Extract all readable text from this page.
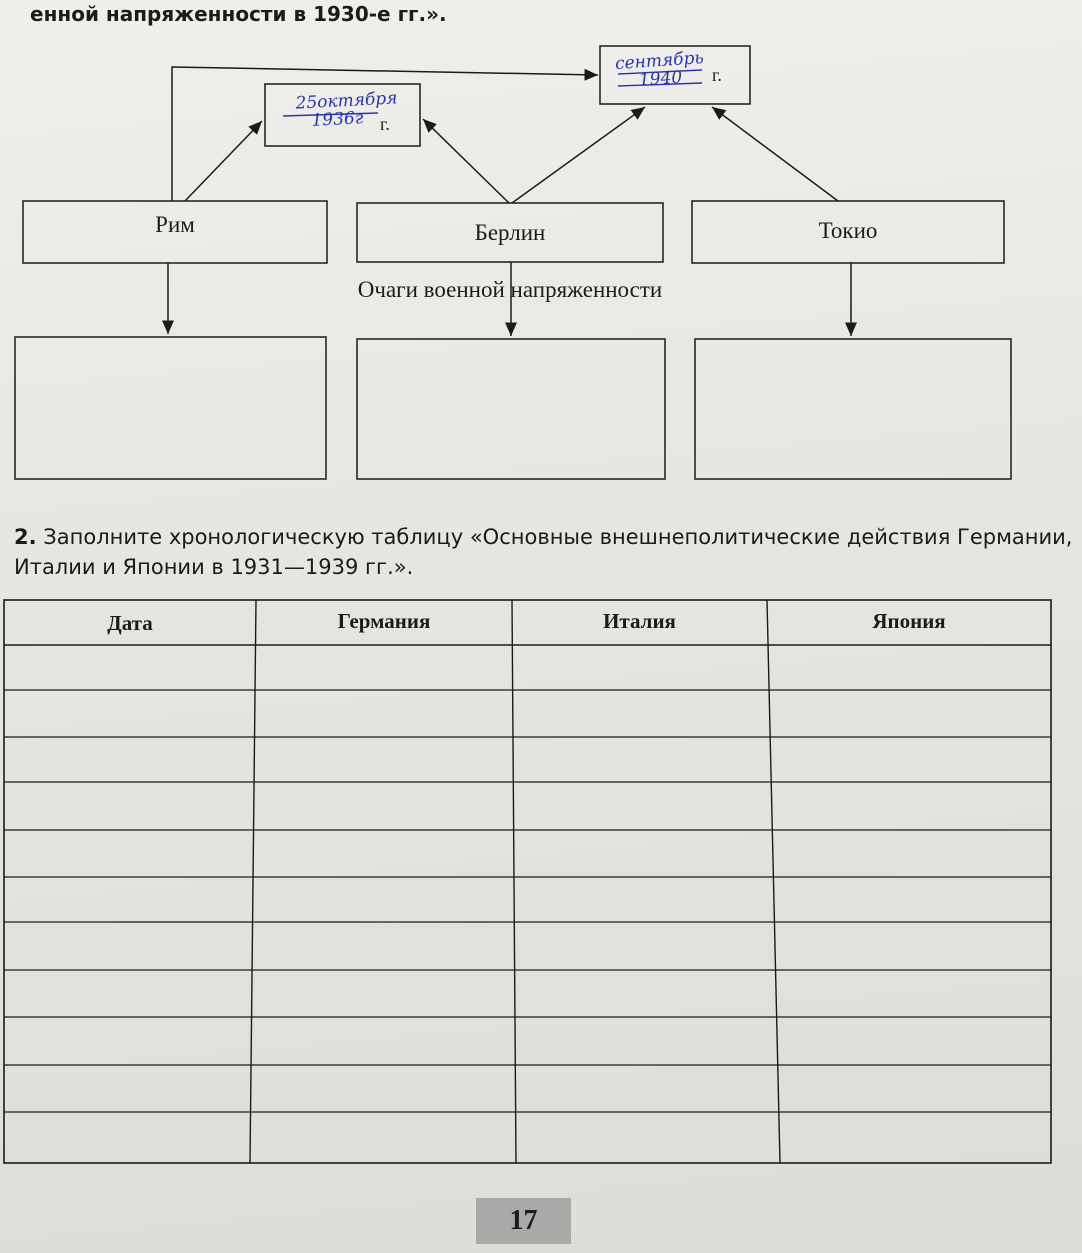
енной напряженности в 1930-е гг.».
25октября
1936г г.
сентябрь
1940	г.
Рим	Берлин	Токио
Очаги военной напряженности
2. Заполните хронологическую таблицу «Основные внешнеполитические действия Германии, Италии и Японии в 1931—1939 гг.».
Дата	Германия	Италия	Япония
17
